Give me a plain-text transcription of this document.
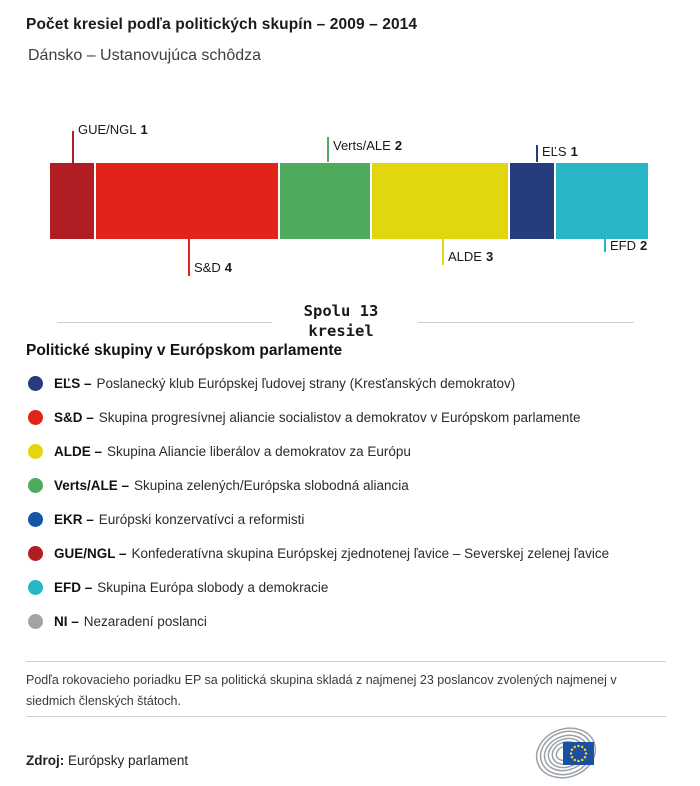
Počet kresiel podľa politických skupín – 2009 – 2014
Dánsko – Ustanovujúca schôdza
GUE/NGL 1
S&D 4
Verts/ALE 2
ALDE 3
EĽS 1
EFD 2
Spolu 13
kresiel
Politické skupiny v Európskom parlamente
EĽS – Poslanecký klub Európskej ľudovej strany (Kresťanských demokratov)
S&D – Skupina progresívnej aliancie socialistov a demokratov v Európskom parlamente
ALDE – Skupina Aliancie liberálov a demokratov za Európu
Verts/ALE – Skupina zelených/Európska slobodná aliancia
EKR – Európski konzervatívci a reformisti
GUE/NGL – Konfederatívna skupina Európskej zjednotenej ľavice – Severskej zelenej ľavice
EFD – Skupina Európa slobody a demokracie
NI – Nezaradení poslanci
Podľa rokovacieho poriadku EP sa politická skupina skladá z najmenej 23 poslancov zvolených najmenej v siedmich členských štátoch.
Zdroj: Európsky parlament
